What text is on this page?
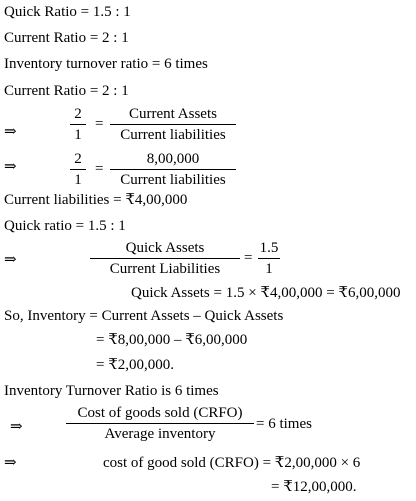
Quick Ratio = 1.5 : 1
Current Ratio = 2 : 1
Inventory turnover ratio = 6 times
Current Ratio = 2 : 1
⇒
2
1
=
Current Assets
Current liabilities
⇒	2
1
=
8,00,000
Current liabilities
Current liabilities = ₹4,00,000
Quick ratio = 1.5 : 1
⇒
Quick Assets
Current Liabilities
=
1.5
1
Quick Assets = 1.5 × ₹4,00,000 = ₹6,00,000
So, Inventory = Current Assets – Quick Assets
= ₹8,00,000 – ₹6,00,000
= ₹2,00,000.
Inventory Turnover Ratio is 6 times
⇒
Cost of goods sold (CRFO)
Average inventory
= 6 times
⇒	cost of good sold (CRFO) = ₹2,00,000 × 6
= ₹12,00,000.
